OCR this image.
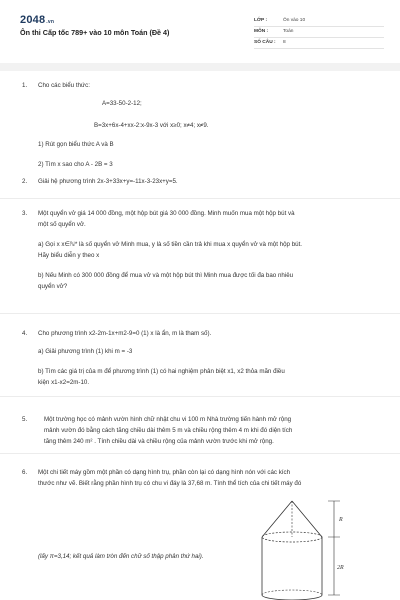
2048.vn
Ôn thi Cấp tốc 789+ vào 10 môn Toán (Đề 4)
LỚP :	Ôn vào 10
MÔN :	Toán
SỐ CÂU :	8
1.	Cho các biểu thức:
A=33-50-2-12;
B=3x+6x-4+xx-2:x-9x-3 với x≥0; x≠4; x≠9.
1) Rút gọn biểu thức A và B
2) Tìm x sao cho A - 2B = 3
2.	Giải hệ phương trình 2x-3+33x+y=-11x-3-23x+y=5.
3.	Một quyển vở giá 14 000 đồng, một hộp bút giá 30 000 đồng. Minh muốn mua một hộp bút và
một số quyển vở.
a) Gọi x x∈ℕ* là số quyển vở Minh mua, y là số tiền cần trả khi mua x quyển vở và một hộp bút.
Hãy biểu diễn y theo x
b) Nếu Minh có 300 000 đồng để mua vở và một hộp bút thì Minh mua được tối đa bao nhiêu
quyển vở?
4.	Cho phương trình x2-2m-1x+m2-9=0 (1) x là ẩn, m là tham số).
a) Giải phương trình (1) khi m = -3
b) Tìm các giá trị của m để phương trình (1) có hai nghiệm phân biệt x1, x2 thỏa mãn điều
kiện x1-x2=2m-10.
5.	Một trường học có mảnh vườn hình chữ nhật chu vi 100 m Nhà trường tiến hành mở rộng
mảnh vườn đó bằng cách tăng chiều dài thêm 5 m và chiều rộng thêm 4 m khi đó diện tích
tăng thêm 240 m² . Tính chiều dài và chiều rộng của mảnh vườn trước khi mở rộng.
6.	Một chi tiết máy gồm một phần có dạng hình trụ, phần còn lại có dạng hình nón với các kích
thước như vẽ. Biết rằng phần hình trụ có chu vi đáy là 37,68 m. Tính thể tích của chi tiết máy đó
(lấy π=3,14; kết quả làm tròn đến chữ số thập phân thứ hai).
R
2R
